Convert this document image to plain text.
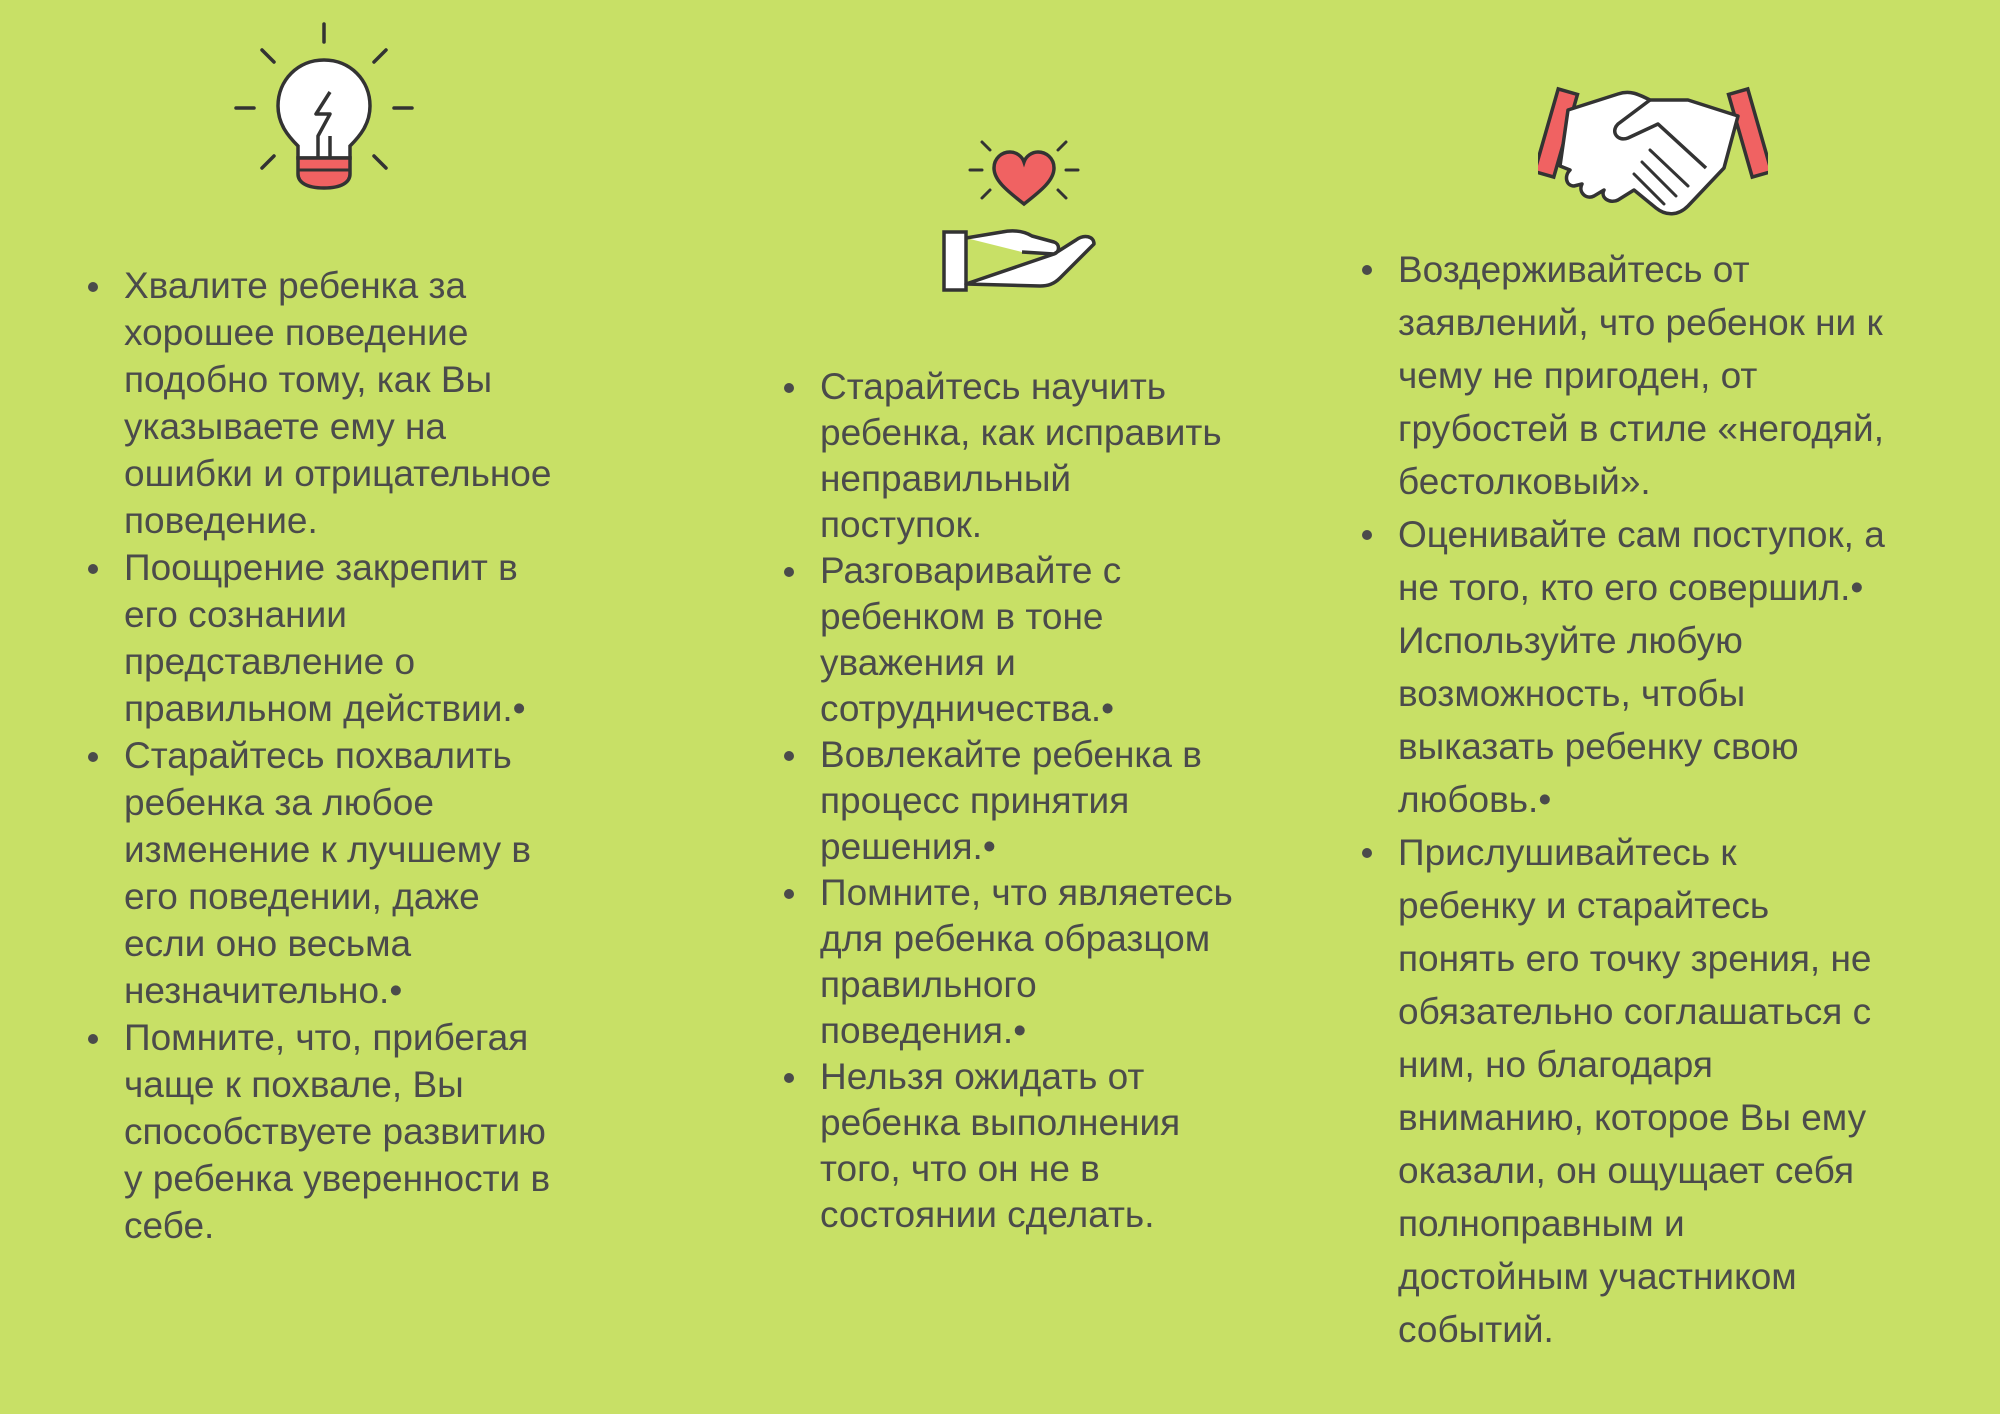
Хвалите ребенка за
хорошее поведение
подобно тому, как Вы
указываете ему на
ошибки и отрицательное
поведение.
Поощрение закрепит в
его сознании
представление о
правильном действии.•
Старайтесь похвалить
ребенка за любое
изменение к лучшему в
его поведении, даже
если оно весьма
незначительно.•
Помните, что, прибегая
чаще к похвале, Вы
способствуете развитию
у ребенка уверенности в
себе.
Старайтесь научить
ребенка, как исправить
неправильный
поступок.
Разговаривайте с
ребенком в тоне
уважения и
сотрудничества.•
Вовлекайте ребенка в
процесс принятия
решения.•
Помните, что являетесь
для ребенка образцом
правильного
поведения.•
Нельзя ожидать от
ребенка выполнения
того, что он не в
состоянии сделать.
Воздерживайтесь от
заявлений, что ребенок ни к
чему не пригоден, от
грубостей в стиле «негодяй,
бестолковый».
Оценивайте сам поступок, а
не того, кто его совершил.•
Используйте любую
возможность, чтобы
выказать ребенку свою
любовь.•
Прислушивайтесь к
ребенку и старайтесь
понять его точку зрения, не
обязательно соглашаться с
ним, но благодаря
вниманию, которое Вы ему
оказали, он ощущает себя
полноправным и
достойным участником
событий.
